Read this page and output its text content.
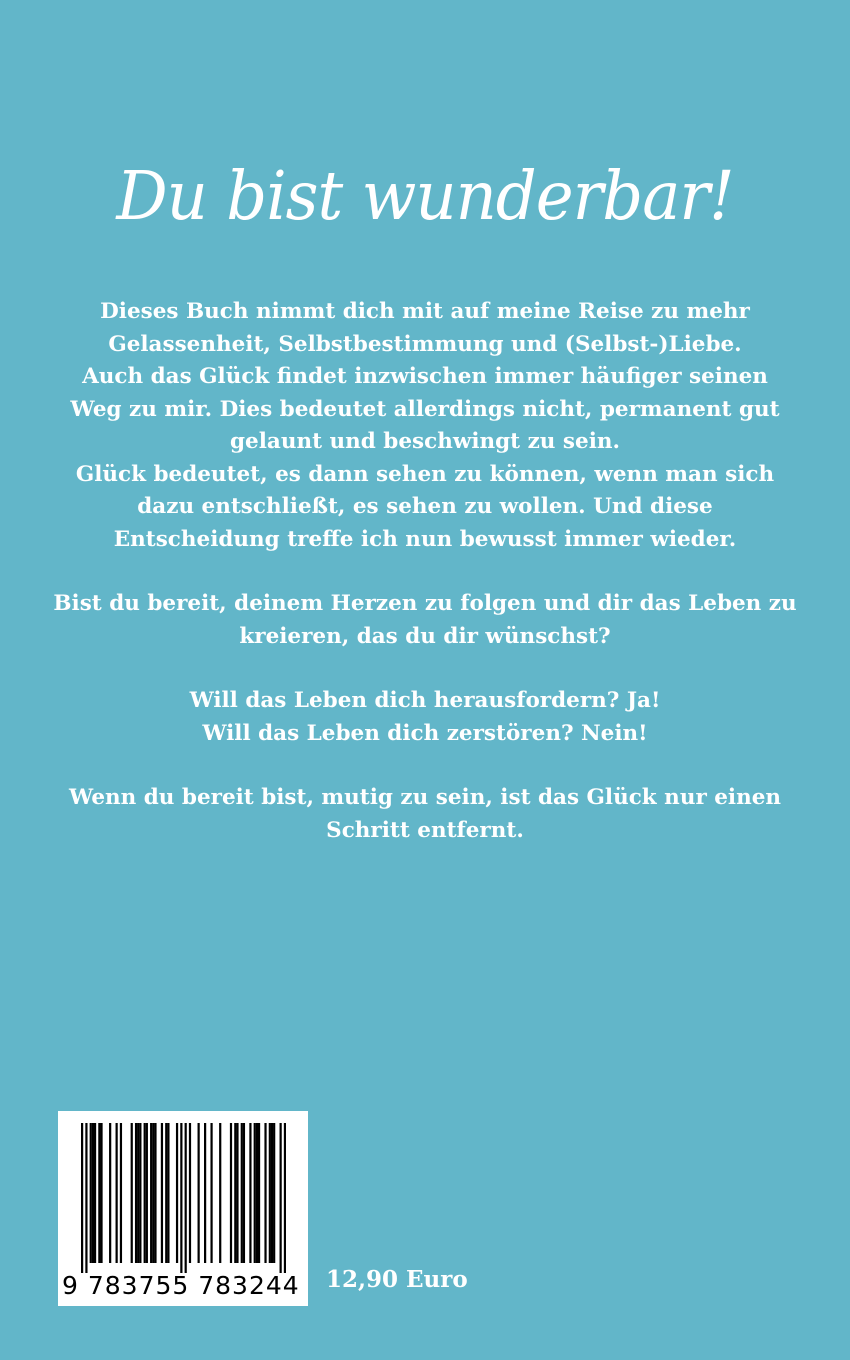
Du bist wunderbar!

Dieses Buch nimmt dich mit auf meine Reise zu mehr

Gelassenheit, Selbstbestimmung und (Selbst-)Liebe.

Auch das Glück findet inzwischen immer häufiger seinen

Weg zu mir. Dies bedeutet allerdings nicht, permanent gut

gelaunt und beschwingt zu sein.

Glück bedeutet, es dann sehen zu können, wenn man sich

dazu entschließt, es sehen zu wollen. Und diese

Entscheidung treffe ich nun bewusst immer wieder.

Bist du bereit, deinem Herzen zu folgen und dir das Leben zu

kreieren, das du dir wünschst?

Will das Leben dich herausfordern? Ja!

Will das Leben dich zerstören? Nein!

Wenn du bereit bist, mutig zu sein, ist das Glück nur einen

Schritt entfernt.

9 783755 783244 12,90 Euro
